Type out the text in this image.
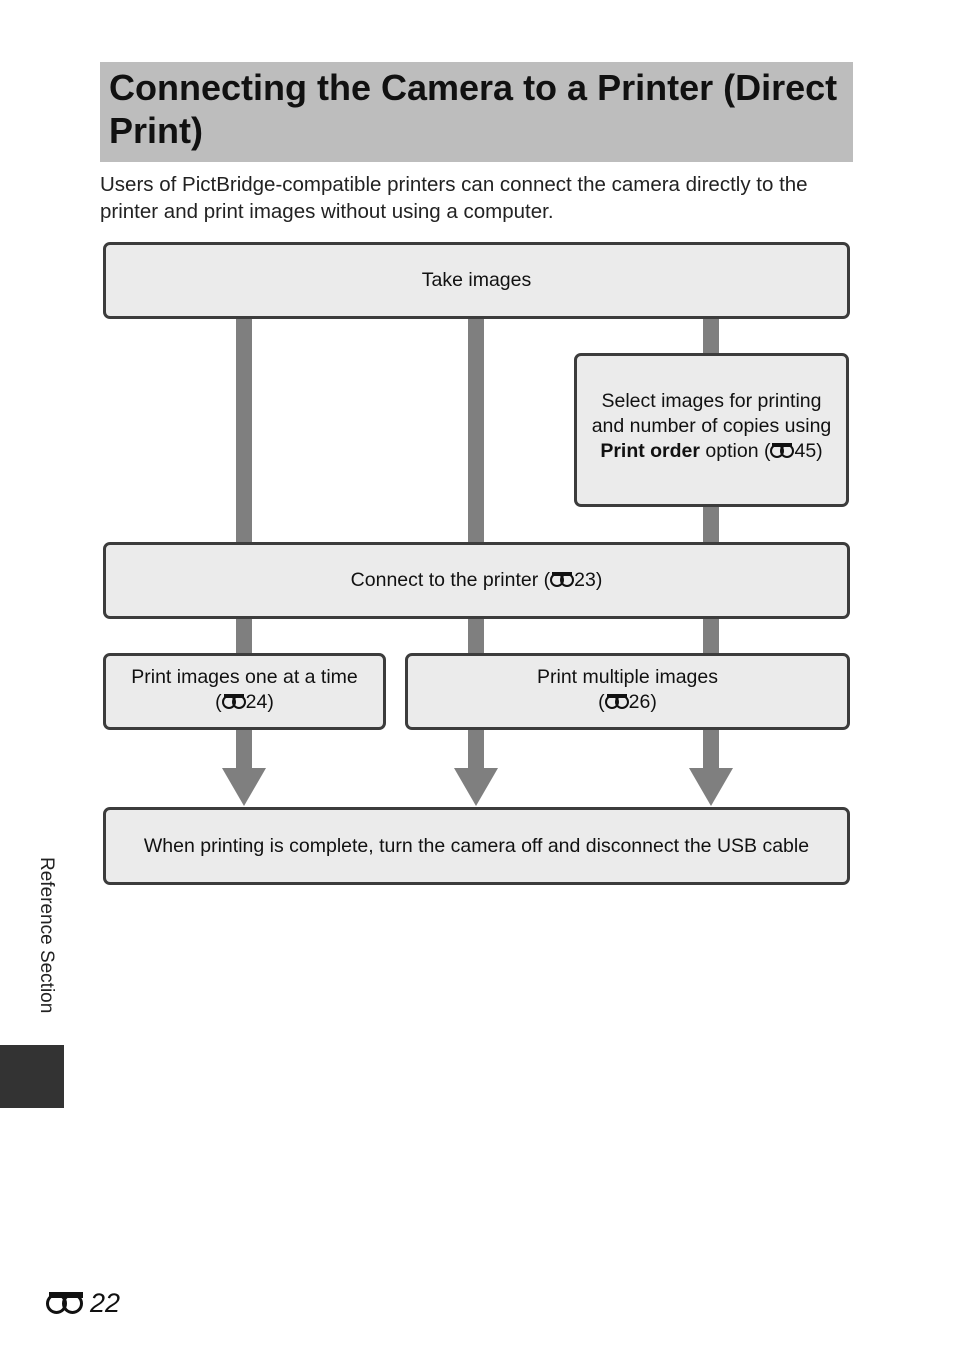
Connecting the Camera to a Printer (Direct Print)

Users of PictBridge-compatible printers can connect the camera directly to the printer and print images without using a computer.

Take images
Select images for printing
and number of copies using
Print order option ( 45)
Connect to the printer ( 23)
Print images one at a time
( 24)
Print multiple images
( 26)
When printing is complete, turn the camera off and disconnect the USB cable
Reference Section
22
